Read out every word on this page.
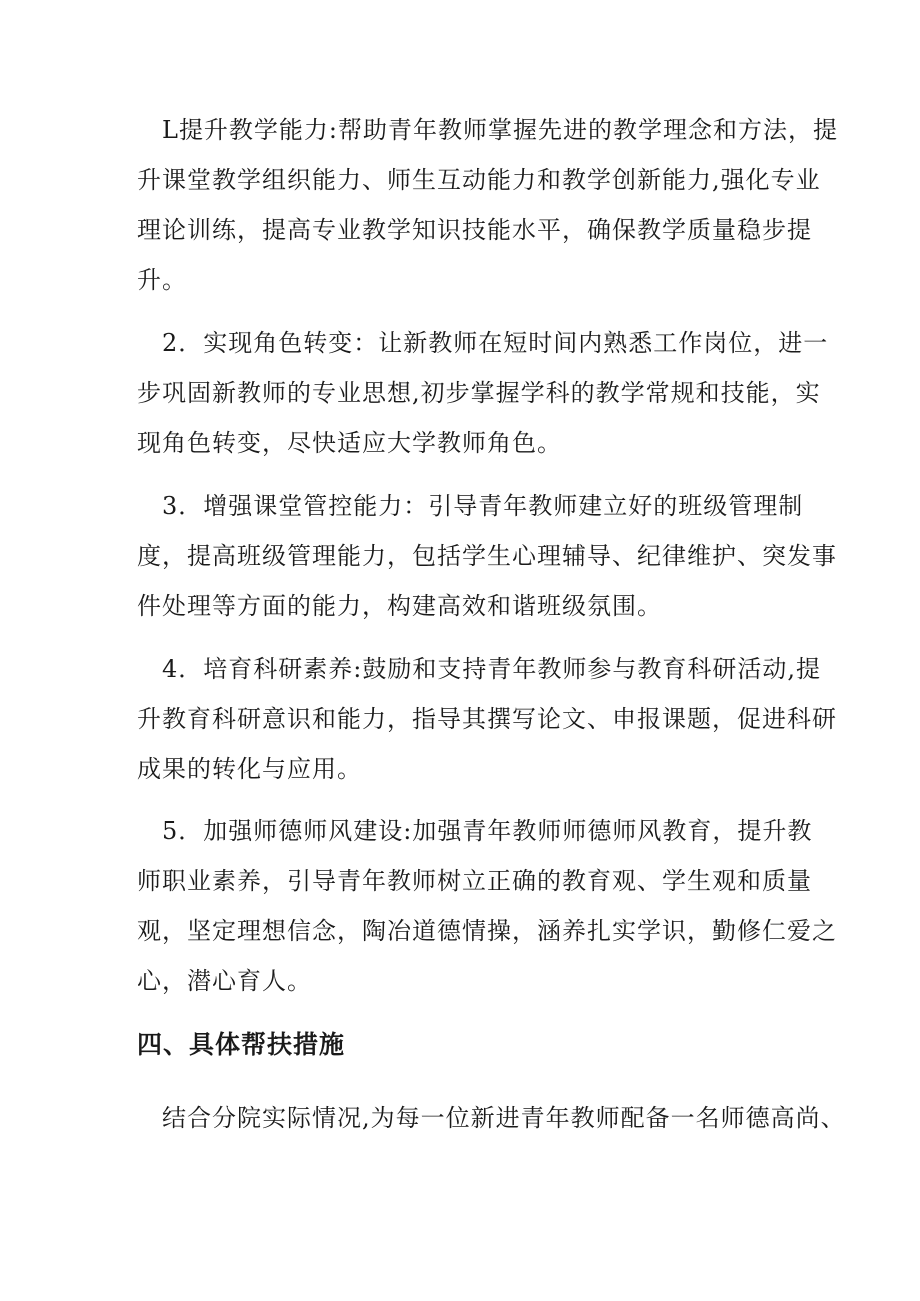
L提升教学能力:帮助青年教师掌握先进的教学理念和方法，提
升课堂教学组织能力、师生互动能力和教学创新能力,强化专业
理论训练，提高专业教学知识技能水平，确保教学质量稳步提
升。

2．实现角色转变：让新教师在短时间内熟悉工作岗位，进一
步巩固新教师的专业思想,初步掌握学科的教学常规和技能，实
现角色转变，尽快适应大学教师角色。

3．增强课堂管控能力：引导青年教师建立好的班级管理制
度，提高班级管理能力，包括学生心理辅导、纪律维护、突发事
件处理等方面的能力，构建高效和谐班级氛围。

4．培育科研素养:鼓励和支持青年教师参与教育科研活动,提
升教育科研意识和能力，指导其撰写论文、申报课题，促进科研
成果的转化与应用。

5．加强师德师风建设:加强青年教师师德师风教育，提升教
师职业素养，引导青年教师树立正确的教育观、学生观和质量
观，坚定理想信念，陶冶道德情操，涵养扎实学识，勤修仁爱之
心，潜心育人。

四、具体帮扶措施

结合分院实际情况,为每一位新进青年教师配备一名师德高尚、
